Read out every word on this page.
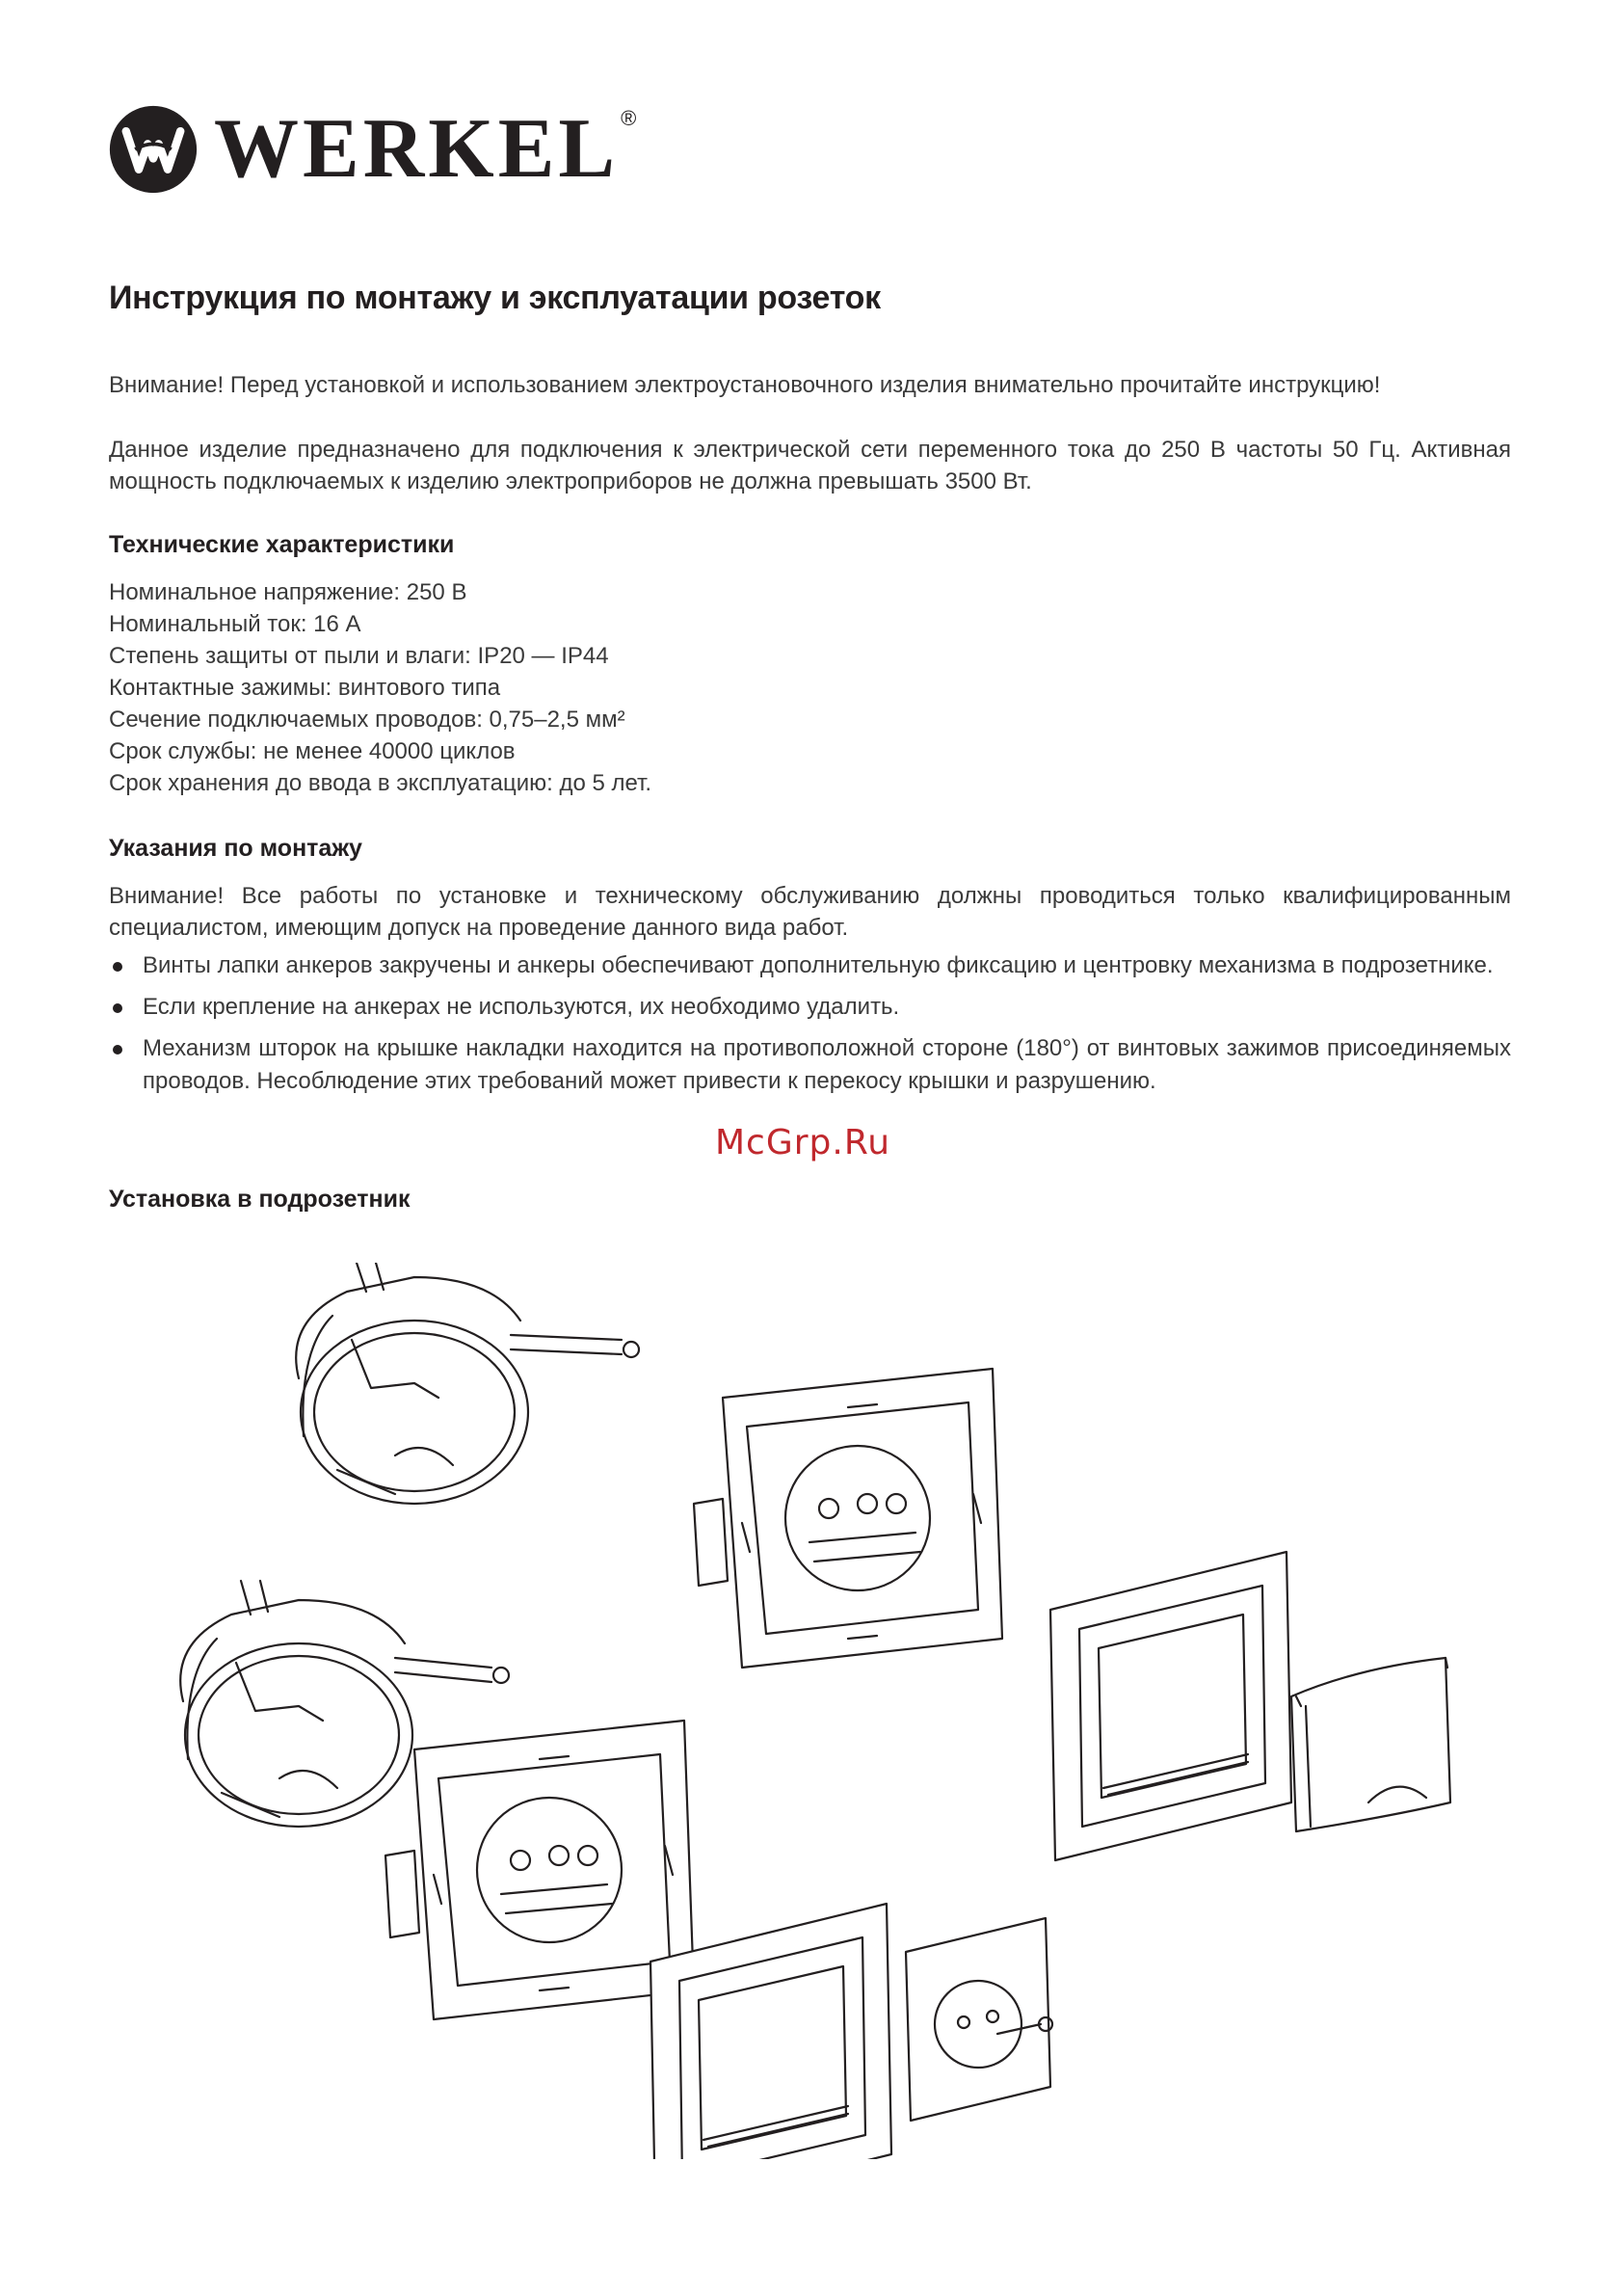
WERKEL ®
Инструкция по монтажу и эксплуатации розеток

Внимание! Перед установкой и использованием электроустановочного изделия внимательно прочитайте инструкцию!

Данное изделие предназначено для подключения к электрической сети переменного тока до 250 В частоты 50 Гц. Активная мощность подключаемых к изделию электроприборов не должна превышать 3500 Вт.

Технические характеристики
Номинальное напряжение: 250 В
Номинальный ток: 16 А
Степень защиты от пыли и влаги: IP20 — IP44
Контактные зажимы: винтового типа
Сечение подключаемых проводов: 0,75–2,5 мм²
Срок службы: не менее 40000 циклов
Срок хранения до ввода в эксплуатацию: до 5 лет.
Указания по монтажу

Внимание! Все работы по установке и техническому обслуживанию должны проводиться только квалифицированным специалистом, имеющим допуск на проведение данного вида работ.

Винты лапки анкеров закручены и анкеры обеспечивают дополнительную фиксацию и центровку механизма в подрозетнике.
Если крепление на анкерах не используются, их необходимо удалить.
Механизм шторок на крышке накладки находится на противоположной стороне (180°) от винтовых зажимов присоединяемых проводов. Несоблюдение этих требований может привести к перекосу крышки и разрушению.
McGrp.Ru
Установка в подрозетник
